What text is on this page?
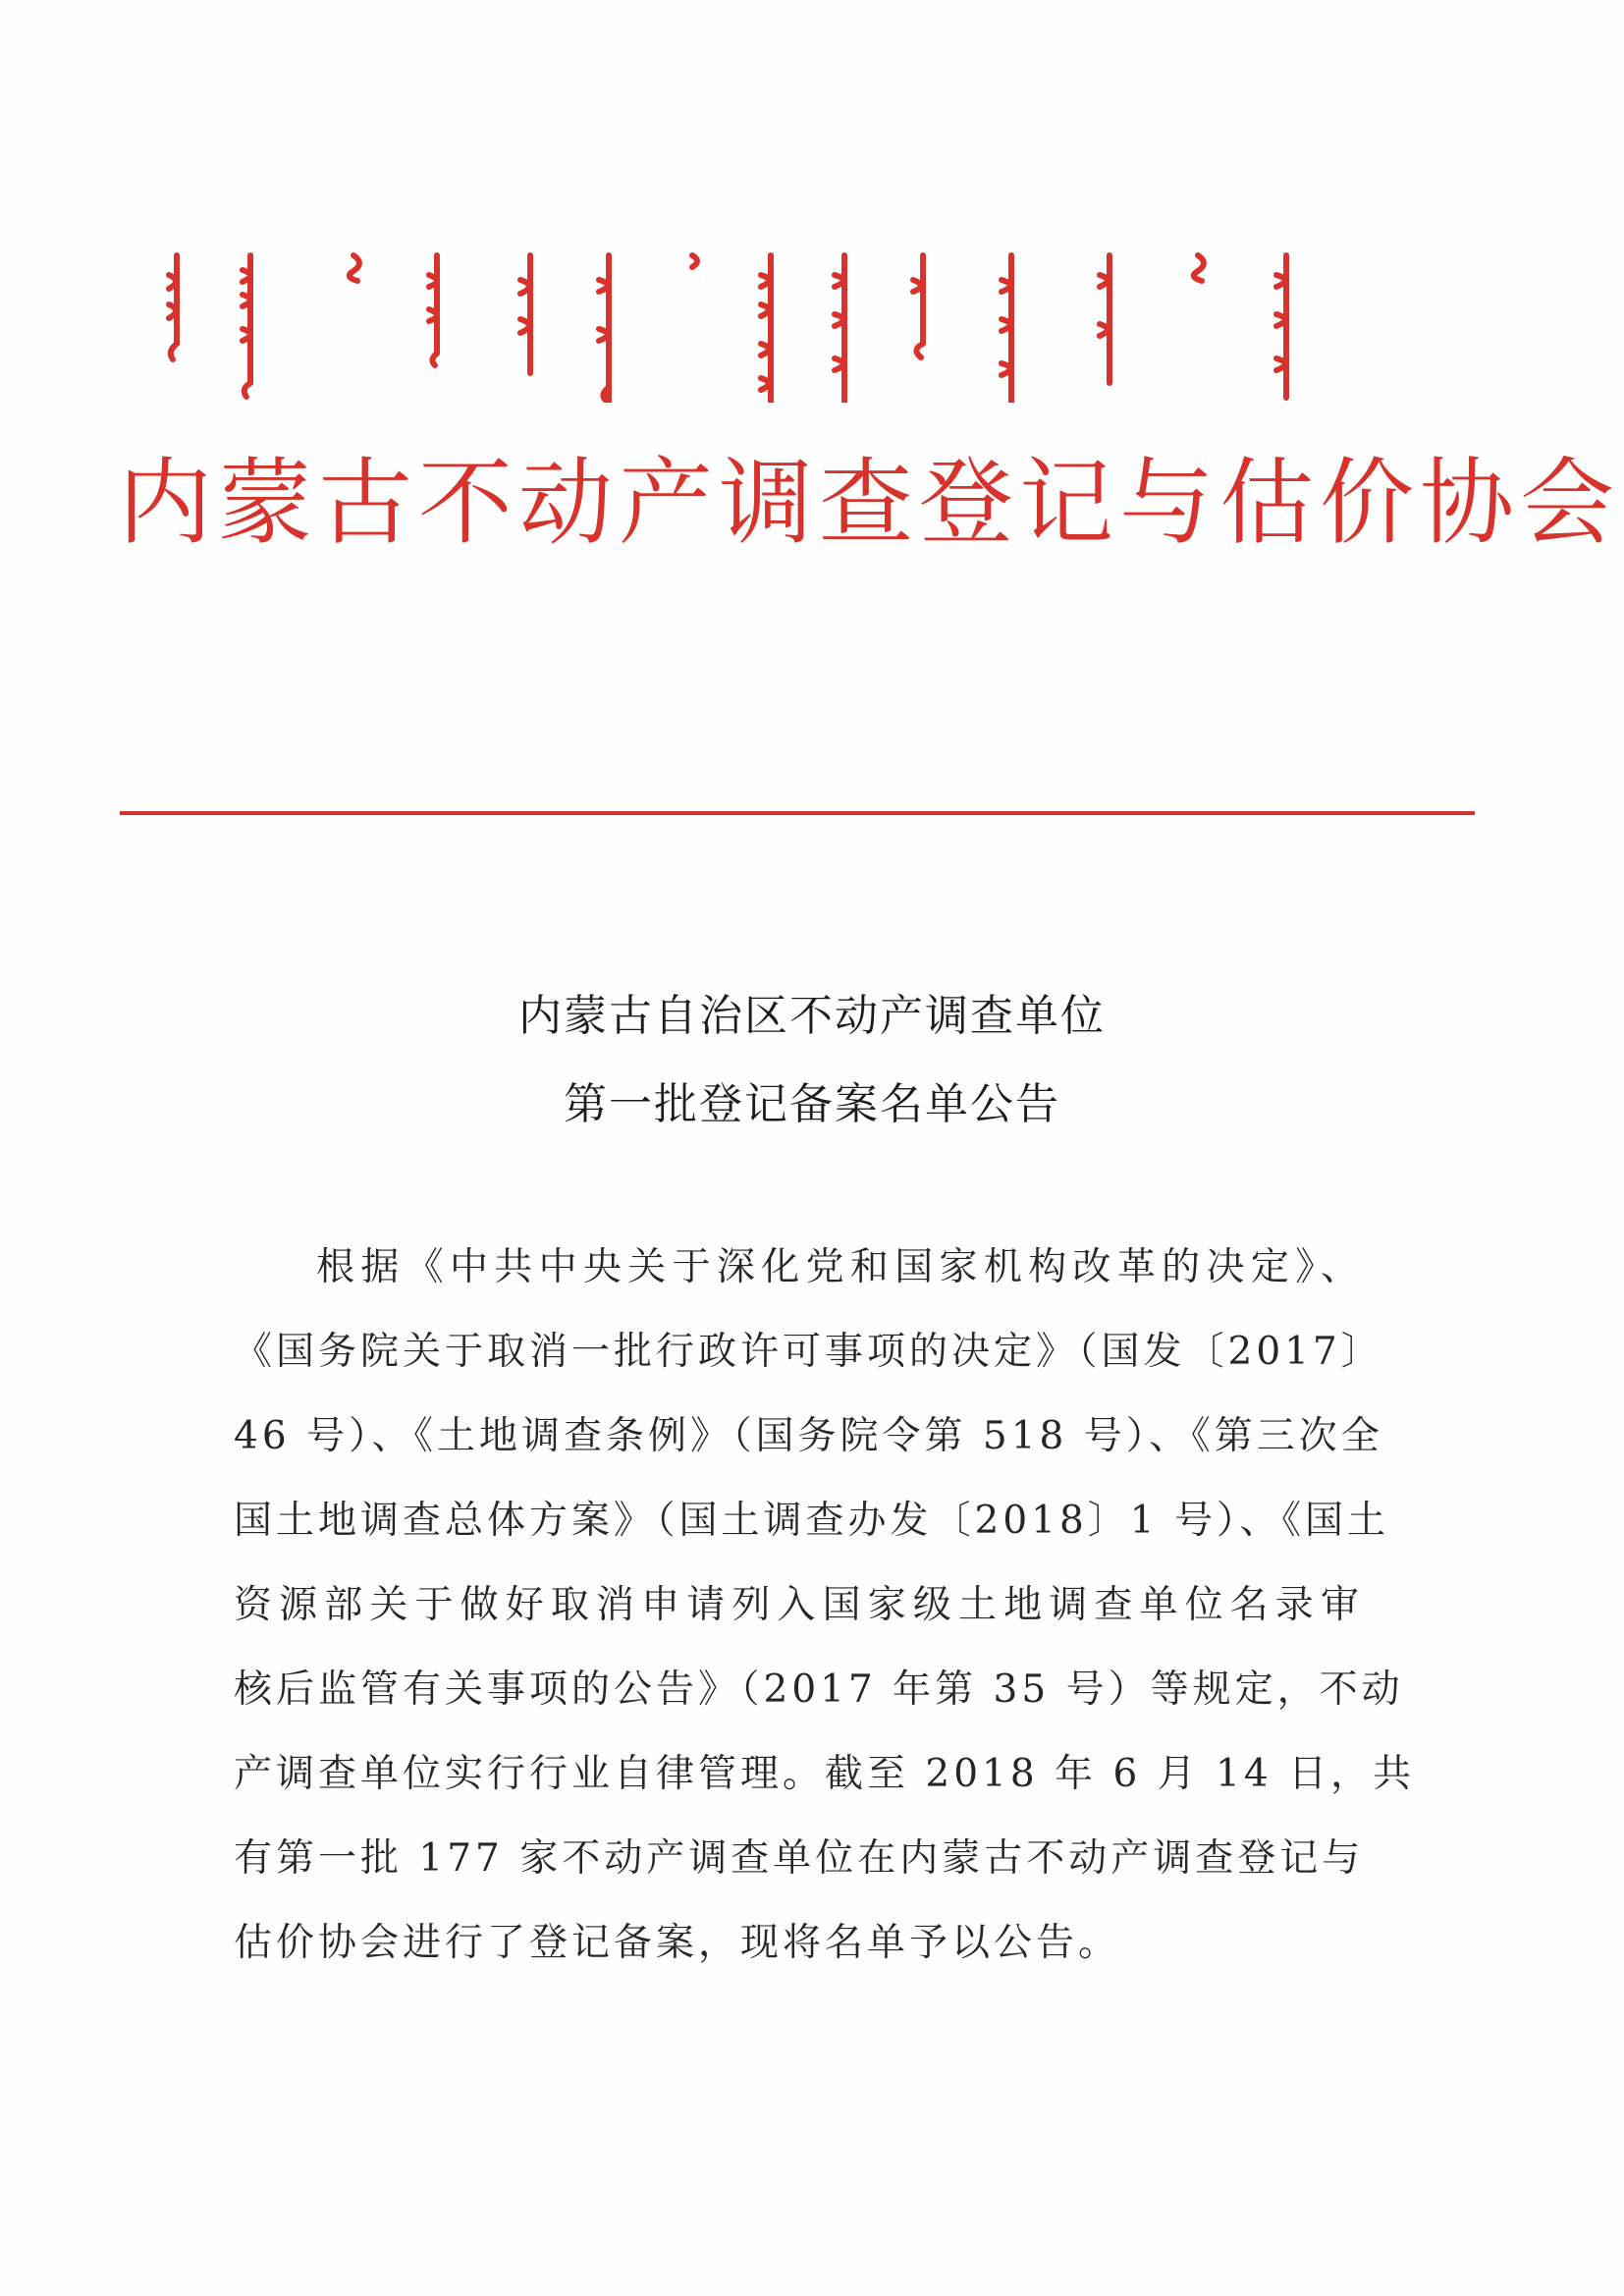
内蒙古不动产调查登记与估价协会
内蒙古自治区不动产调查单位
第一批登记备案名单公告
根据《中共中央关于深化党和国家机构改革的决定》、
《国务院关于取消一批行政许可事项的决定》（国发〔2017〕
46 号）、《土地调查条例》（国务院令第 518 号）、《第三次全
国土地调查总体方案》（国土调查办发〔2018〕1 号）、《国土
资源部关于做好取消申请列入国家级土地调查单位名录审
核后监管有关事项的公告》（2017 年第 35 号）等规定，不动
产调查单位实行行业自律管理。截至 2018 年 6 月 14 日，共
有第一批 177 家不动产调查单位在内蒙古不动产调查登记与
估价协会进行了登记备案，现将名单予以公告。
